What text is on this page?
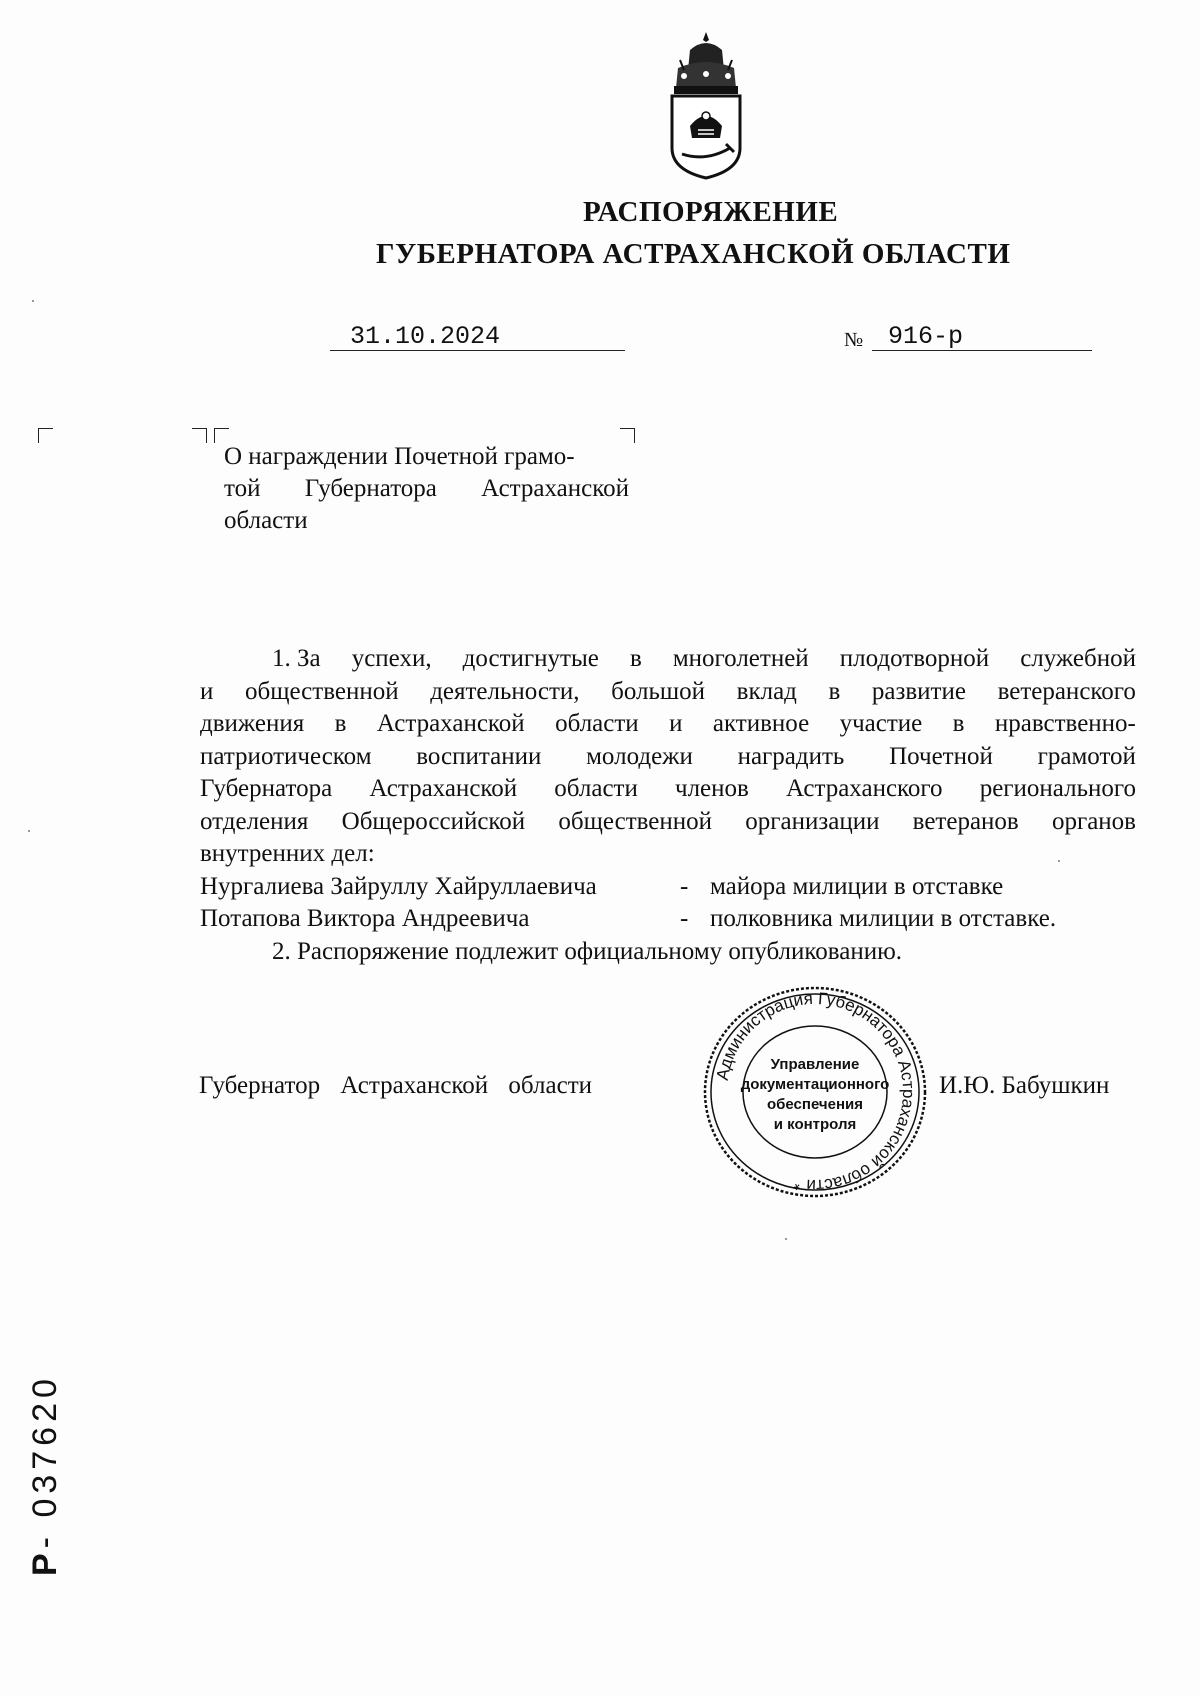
РАСПОРЯЖЕНИЕ
ГУБЕРНАТОРА АСТРАХАНСКОЙ ОБЛАСТИ
31.10.2024	№ 916-р
О награждении Почетной грамо-
той Губернатора Астраханской
области
1. За успехи, достигнутые в многолетней плодотворной служебной
и общественной деятельности, большой вклад в развитие ветеранского
движения в Астраханской области и активное участие в нравственно-
патриотическом воспитании молодежи наградить Почетной грамотой
Губернатора Астраханской области членов Астраханского регионального
отделения Общероссийской общественной организации ветеранов органов
внутренних дел:
Нургалиева Зайруллу Хайруллаевича	- майора милиции в отставке
Потапова Виктора Андреевича	- полковника милиции в отставке.
2. Распоряжение подлежит официальному опубликованию.
Губернатор Астраханской области	И.Ю. Бабушкин
Администрация Губернатора Астраханской области *
Управление
документационного
обеспечения
и контроля
Р- 037620
